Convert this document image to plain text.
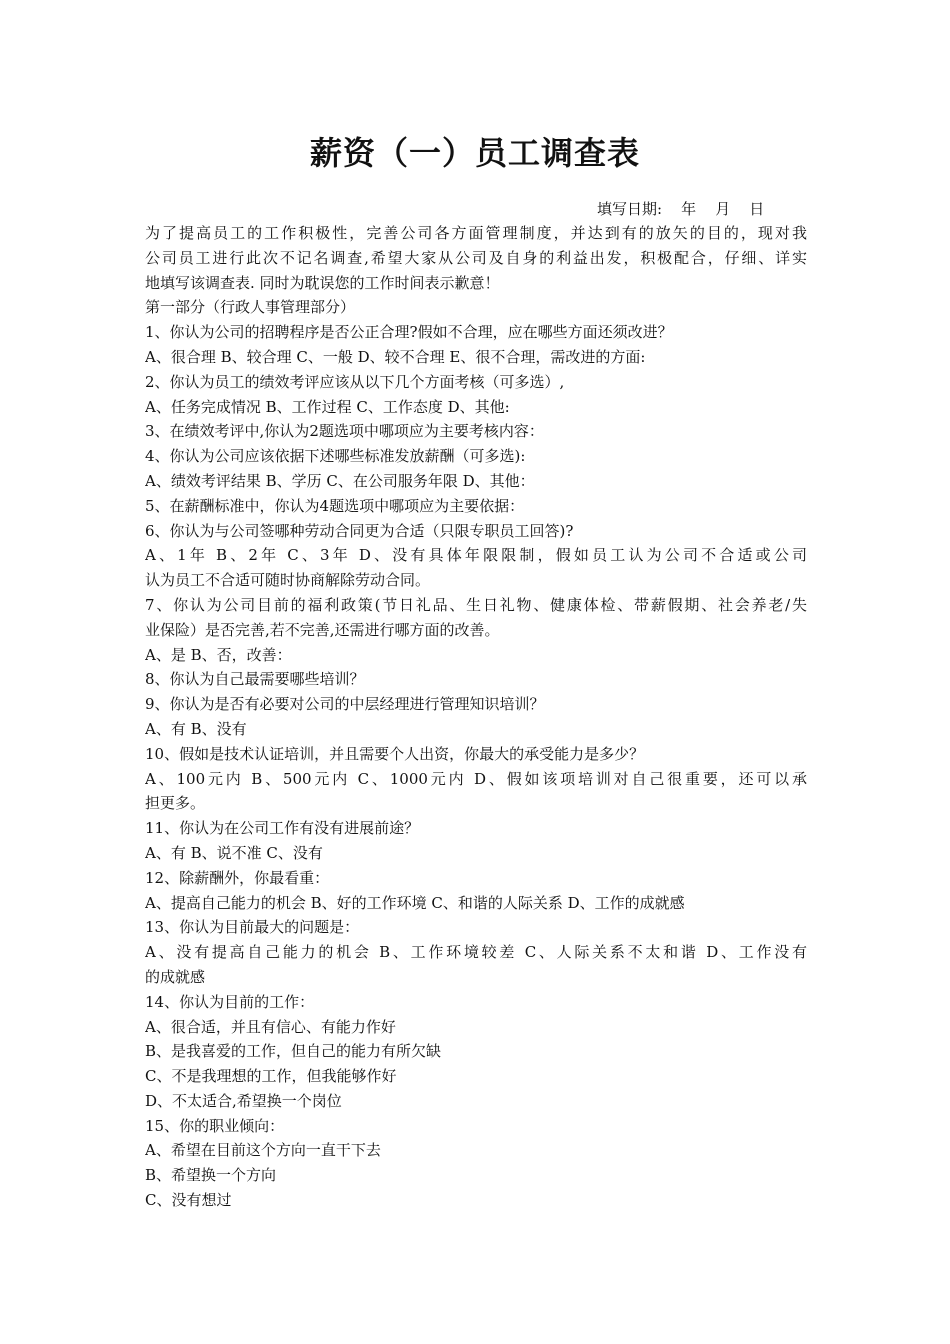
薪资（一）员工调查表
填写日期:    年    月    日
为了提高员工的工作积极性，完善公司各方面管理制度，并达到有的放矢的目的，现对我
公司员工进行此次不记名调查,希望大家从公司及自身的利益出发，积极配合，仔细、详实
地填写该调查表. 同时为耽误您的工作时间表示歉意！
第一部分（行政人事管理部分）
1、你认为公司的招聘程序是否公正合理?假如不合理，应在哪些方面还须改进？
A、很合理 B、较合理 C、一般 D、较不合理 E、很不合理，需改进的方面:
2、你认为员工的绩效考评应该从以下几个方面考核（可多选）,
A、任务完成情况 B、工作过程 C、工作态度 D、其他:
3、在绩效考评中,你认为2题选项中哪项应为主要考核内容：
4、你认为公司应该依据下述哪些标准发放薪酬（可多选):
A、绩效考评结果 B、学历 C、在公司服务年限 D、其他：
5、在薪酬标准中，你认为4题选项中哪项应为主要依据：
6、你认为与公司签哪种劳动合同更为合适（只限专职员工回答)?
A、1年 B、2年 C、3年 D、没有具体年限限制，假如员工认为公司不合适或公司
认为员工不合适可随时协商解除劳动合同。
7、你认为公司目前的福利政策(节日礼品、生日礼物、健康体检、带薪假期、社会养老/失
业保险）是否完善,若不完善,还需进行哪方面的改善。
A、是 B、否，改善：
8、你认为自己最需要哪些培训？
9、你认为是否有必要对公司的中层经理进行管理知识培训？
A、有 B、没有
10、假如是技术认证培训，并且需要个人出资，你最大的承受能力是多少？
A、100元内 B、500元内 C、1000元内 D、假如该项培训对自己很重要，还可以承
担更多。
11、你认为在公司工作有没有进展前途？
A、有 B、说不准 C、没有
12、除薪酬外，你最看重：
A、提高自己能力的机会 B、好的工作环境 C、和谐的人际关系 D、工作的成就感
13、你认为目前最大的问题是：
A、没有提高自己能力的机会 B、工作环境较差 C、人际关系不太和谐 D、工作没有
的成就感
14、你认为目前的工作：
A、很合适，并且有信心、有能力作好
B、是我喜爱的工作，但自己的能力有所欠缺
C、不是我理想的工作，但我能够作好
D、不太适合,希望换一个岗位
15、你的职业倾向：
A、希望在目前这个方向一直干下去
B、希望换一个方向
C、没有想过
